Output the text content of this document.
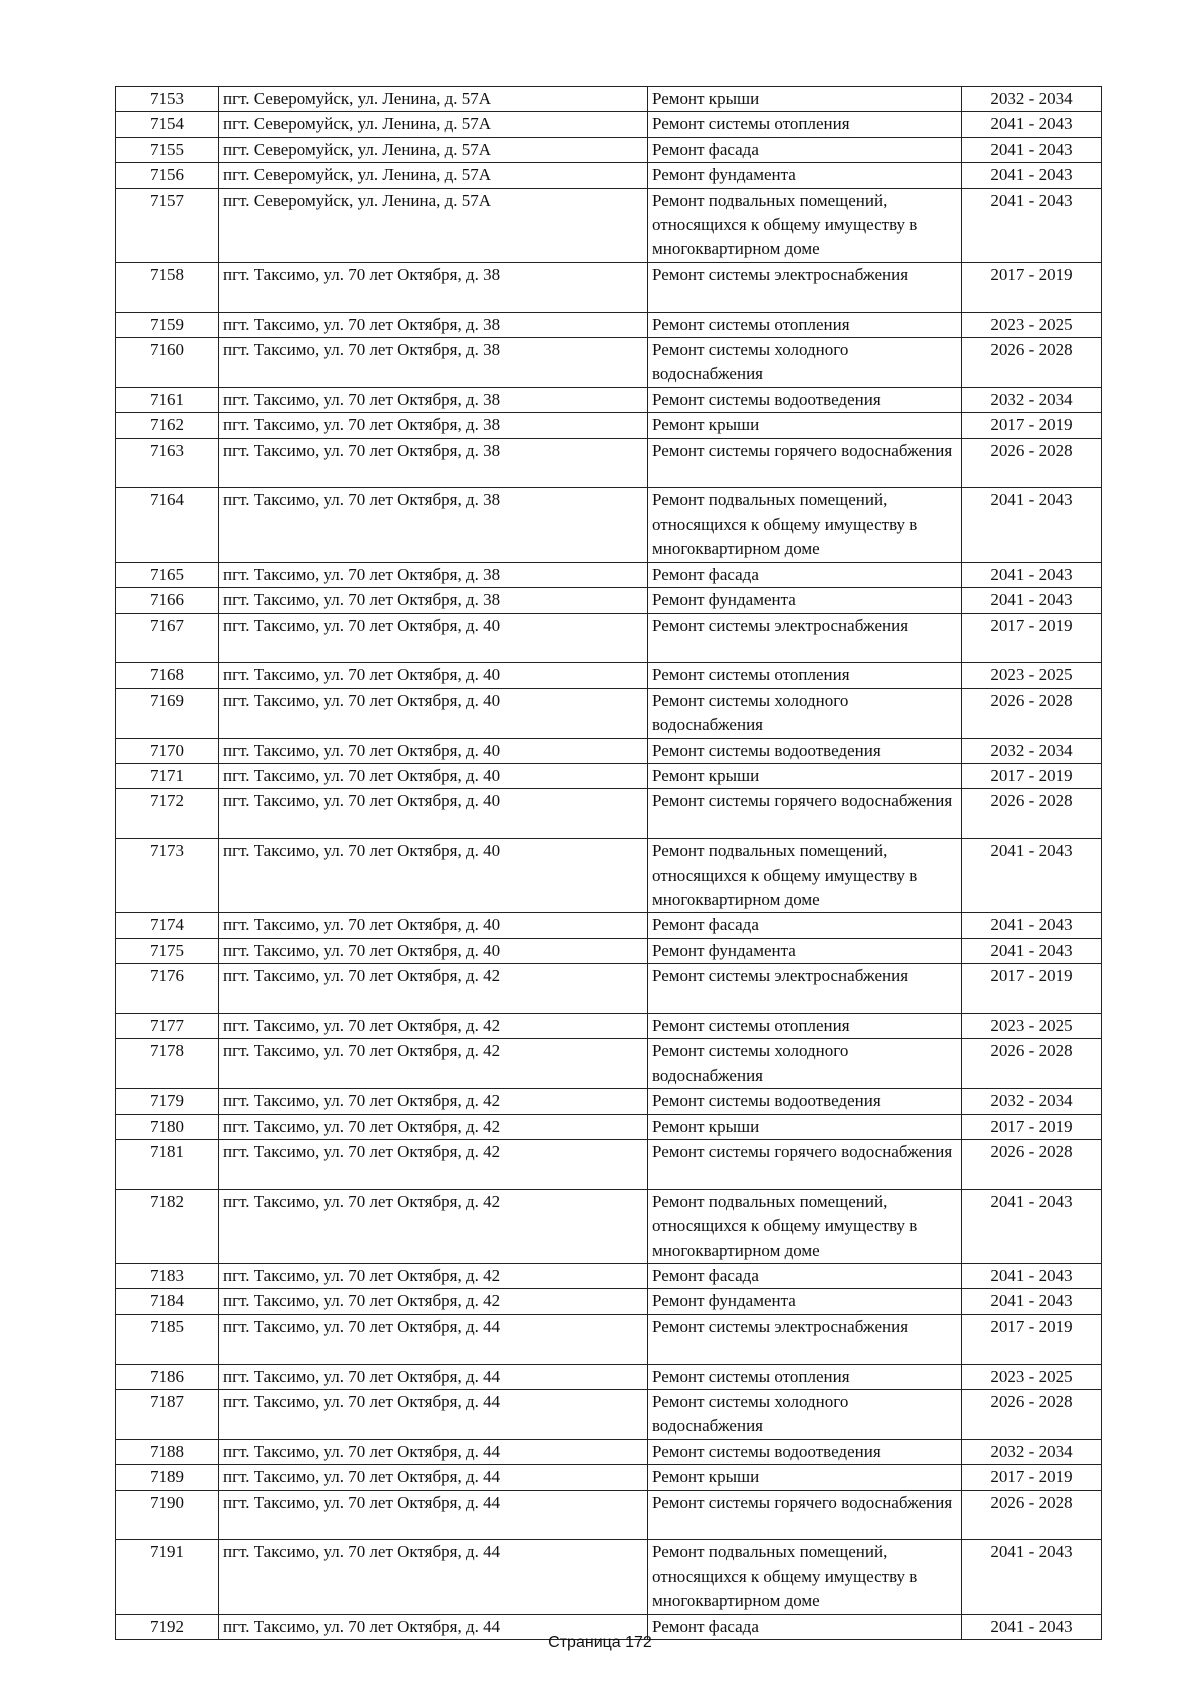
7153	пгт. Северомуйск, ул. Ленина, д. 57А	Ремонт крыши	2032 - 2034
7154	пгт. Северомуйск, ул. Ленина, д. 57А	Ремонт системы отопления	2041 - 2043
7155	пгт. Северомуйск, ул. Ленина, д. 57А	Ремонт фасада	2041 - 2043
7156	пгт. Северомуйск, ул. Ленина, д. 57А	Ремонт фундамента	2041 - 2043
7157	пгт. Северомуйск, ул. Ленина, д. 57А	Ремонт подвальных помещений, относящихся к общему имуществу в многоквартирном доме	2041 - 2043
7158	пгт. Таксимо, ул. 70 лет Октября, д. 38	Ремонт системы электроснабжения	2017 - 2019
7159	пгт. Таксимо, ул. 70 лет Октября, д. 38	Ремонт системы отопления	2023 - 2025
7160	пгт. Таксимо, ул. 70 лет Октября, д. 38	Ремонт системы холодного водоснабжения	2026 - 2028
7161	пгт. Таксимо, ул. 70 лет Октября, д. 38	Ремонт системы водоотведения	2032 - 2034
7162	пгт. Таксимо, ул. 70 лет Октября, д. 38	Ремонт крыши	2017 - 2019
7163	пгт. Таксимо, ул. 70 лет Октября, д. 38	Ремонт системы горячего водоснабжения	2026 - 2028
7164	пгт. Таксимо, ул. 70 лет Октября, д. 38	Ремонт подвальных помещений, относящихся к общему имуществу в многоквартирном доме	2041 - 2043
7165	пгт. Таксимо, ул. 70 лет Октября, д. 38	Ремонт фасада	2041 - 2043
7166	пгт. Таксимо, ул. 70 лет Октября, д. 38	Ремонт фундамента	2041 - 2043
7167	пгт. Таксимо, ул. 70 лет Октября, д. 40	Ремонт системы электроснабжения	2017 - 2019
7168	пгт. Таксимо, ул. 70 лет Октября, д. 40	Ремонт системы отопления	2023 - 2025
7169	пгт. Таксимо, ул. 70 лет Октября, д. 40	Ремонт системы холодного водоснабжения	2026 - 2028
7170	пгт. Таксимо, ул. 70 лет Октября, д. 40	Ремонт системы водоотведения	2032 - 2034
7171	пгт. Таксимо, ул. 70 лет Октября, д. 40	Ремонт крыши	2017 - 2019
7172	пгт. Таксимо, ул. 70 лет Октября, д. 40	Ремонт системы горячего водоснабжения	2026 - 2028
7173	пгт. Таксимо, ул. 70 лет Октября, д. 40	Ремонт подвальных помещений, относящихся к общему имуществу в многоквартирном доме	2041 - 2043
7174	пгт. Таксимо, ул. 70 лет Октября, д. 40	Ремонт фасада	2041 - 2043
7175	пгт. Таксимо, ул. 70 лет Октября, д. 40	Ремонт фундамента	2041 - 2043
7176	пгт. Таксимо, ул. 70 лет Октября, д. 42	Ремонт системы электроснабжения	2017 - 2019
7177	пгт. Таксимо, ул. 70 лет Октября, д. 42	Ремонт системы отопления	2023 - 2025
7178	пгт. Таксимо, ул. 70 лет Октября, д. 42	Ремонт системы холодного водоснабжения	2026 - 2028
7179	пгт. Таксимо, ул. 70 лет Октября, д. 42	Ремонт системы водоотведения	2032 - 2034
7180	пгт. Таксимо, ул. 70 лет Октября, д. 42	Ремонт крыши	2017 - 2019
7181	пгт. Таксимо, ул. 70 лет Октября, д. 42	Ремонт системы горячего водоснабжения	2026 - 2028
7182	пгт. Таксимо, ул. 70 лет Октября, д. 42	Ремонт подвальных помещений, относящихся к общему имуществу в многоквартирном доме	2041 - 2043
7183	пгт. Таксимо, ул. 70 лет Октября, д. 42	Ремонт фасада	2041 - 2043
7184	пгт. Таксимо, ул. 70 лет Октября, д. 42	Ремонт фундамента	2041 - 2043
7185	пгт. Таксимо, ул. 70 лет Октября, д. 44	Ремонт системы электроснабжения	2017 - 2019
7186	пгт. Таксимо, ул. 70 лет Октября, д. 44	Ремонт системы отопления	2023 - 2025
7187	пгт. Таксимо, ул. 70 лет Октября, д. 44	Ремонт системы холодного водоснабжения	2026 - 2028
7188	пгт. Таксимо, ул. 70 лет Октября, д. 44	Ремонт системы водоотведения	2032 - 2034
7189	пгт. Таксимо, ул. 70 лет Октября, д. 44	Ремонт крыши	2017 - 2019
7190	пгт. Таксимо, ул. 70 лет Октября, д. 44	Ремонт системы горячего водоснабжения	2026 - 2028
7191	пгт. Таксимо, ул. 70 лет Октября, д. 44	Ремонт подвальных помещений, относящихся к общему имуществу в многоквартирном доме	2041 - 2043
7192	пгт. Таксимо, ул. 70 лет Октября, д. 44	Ремонт фасада	2041 - 2043
Страница 172
